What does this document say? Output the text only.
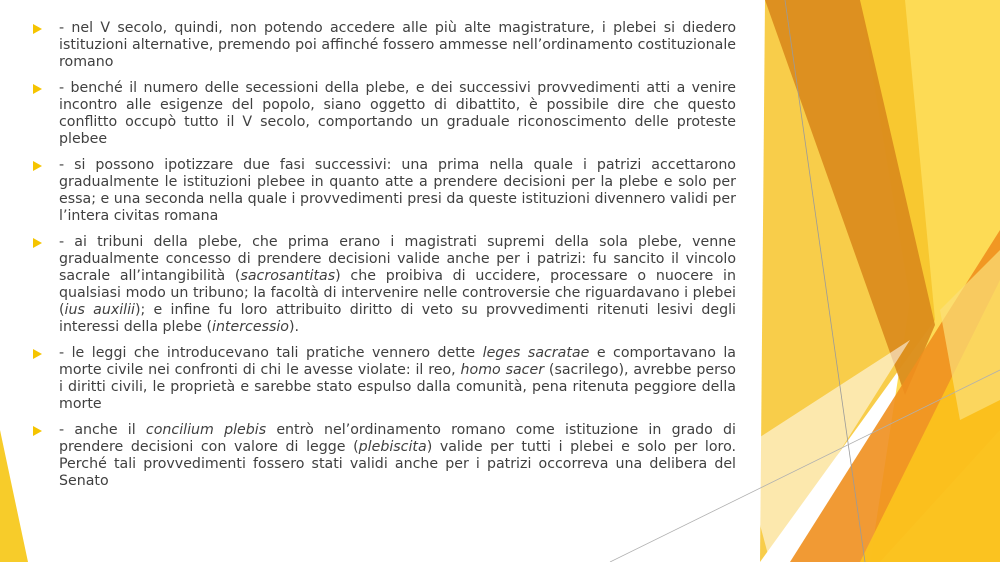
- nel V secolo, quindi, non potendo accedere alle più alte magistrature, i plebei si diedero istituzioni alternative, premendo poi affinché fossero ammesse nell’ordinamento costituzionale romano
- benché il numero delle secessioni della plebe, e dei successivi provvedimenti atti a venire incontro alle esigenze del popolo, siano oggetto di dibattito, è possibile dire che questo conflitto occupò tutto il V secolo, comportando un graduale riconoscimento delle proteste plebee
- si possono ipotizzare due fasi successivi: una prima nella quale i patrizi accettarono gradualmente le istituzioni plebee in quanto atte a prendere decisioni per la plebe e solo per essa; e una seconda nella quale i provvedimenti presi da queste istituzioni divennero validi per l’intera civitas romana
- ai tribuni della plebe, che prima erano i magistrati supremi della sola plebe, venne gradualmente concesso di prendere decisioni valide anche per i patrizi: fu sancito il vincolo sacrale all’intangibilità (sacrosantitas) che proibiva di uccidere, processare o nuocere in qualsiasi modo un tribuno; la facoltà di intervenire nelle controversie che riguardavano i plebei (ius auxilii); e infine fu loro attribuito diritto di veto su provvedimenti ritenuti lesivi degli interessi della plebe (intercessio).
- le leggi che introducevano tali pratiche vennero dette leges sacratae e comportavano la morte civile nei confronti di chi le avesse violate: il reo, homo sacer (sacrilego), avrebbe perso i diritti civili, le proprietà e sarebbe stato espulso dalla comunità, pena ritenuta peggiore della morte
- anche il concilium plebis entrò nel’ordinamento romano come istituzione in grado di prendere decisioni con valore di legge (plebiscita) valide per tutti i plebei e solo per loro. Perché tali provvedimenti fossero stati validi anche per i patrizi occorreva una delibera del Senato
